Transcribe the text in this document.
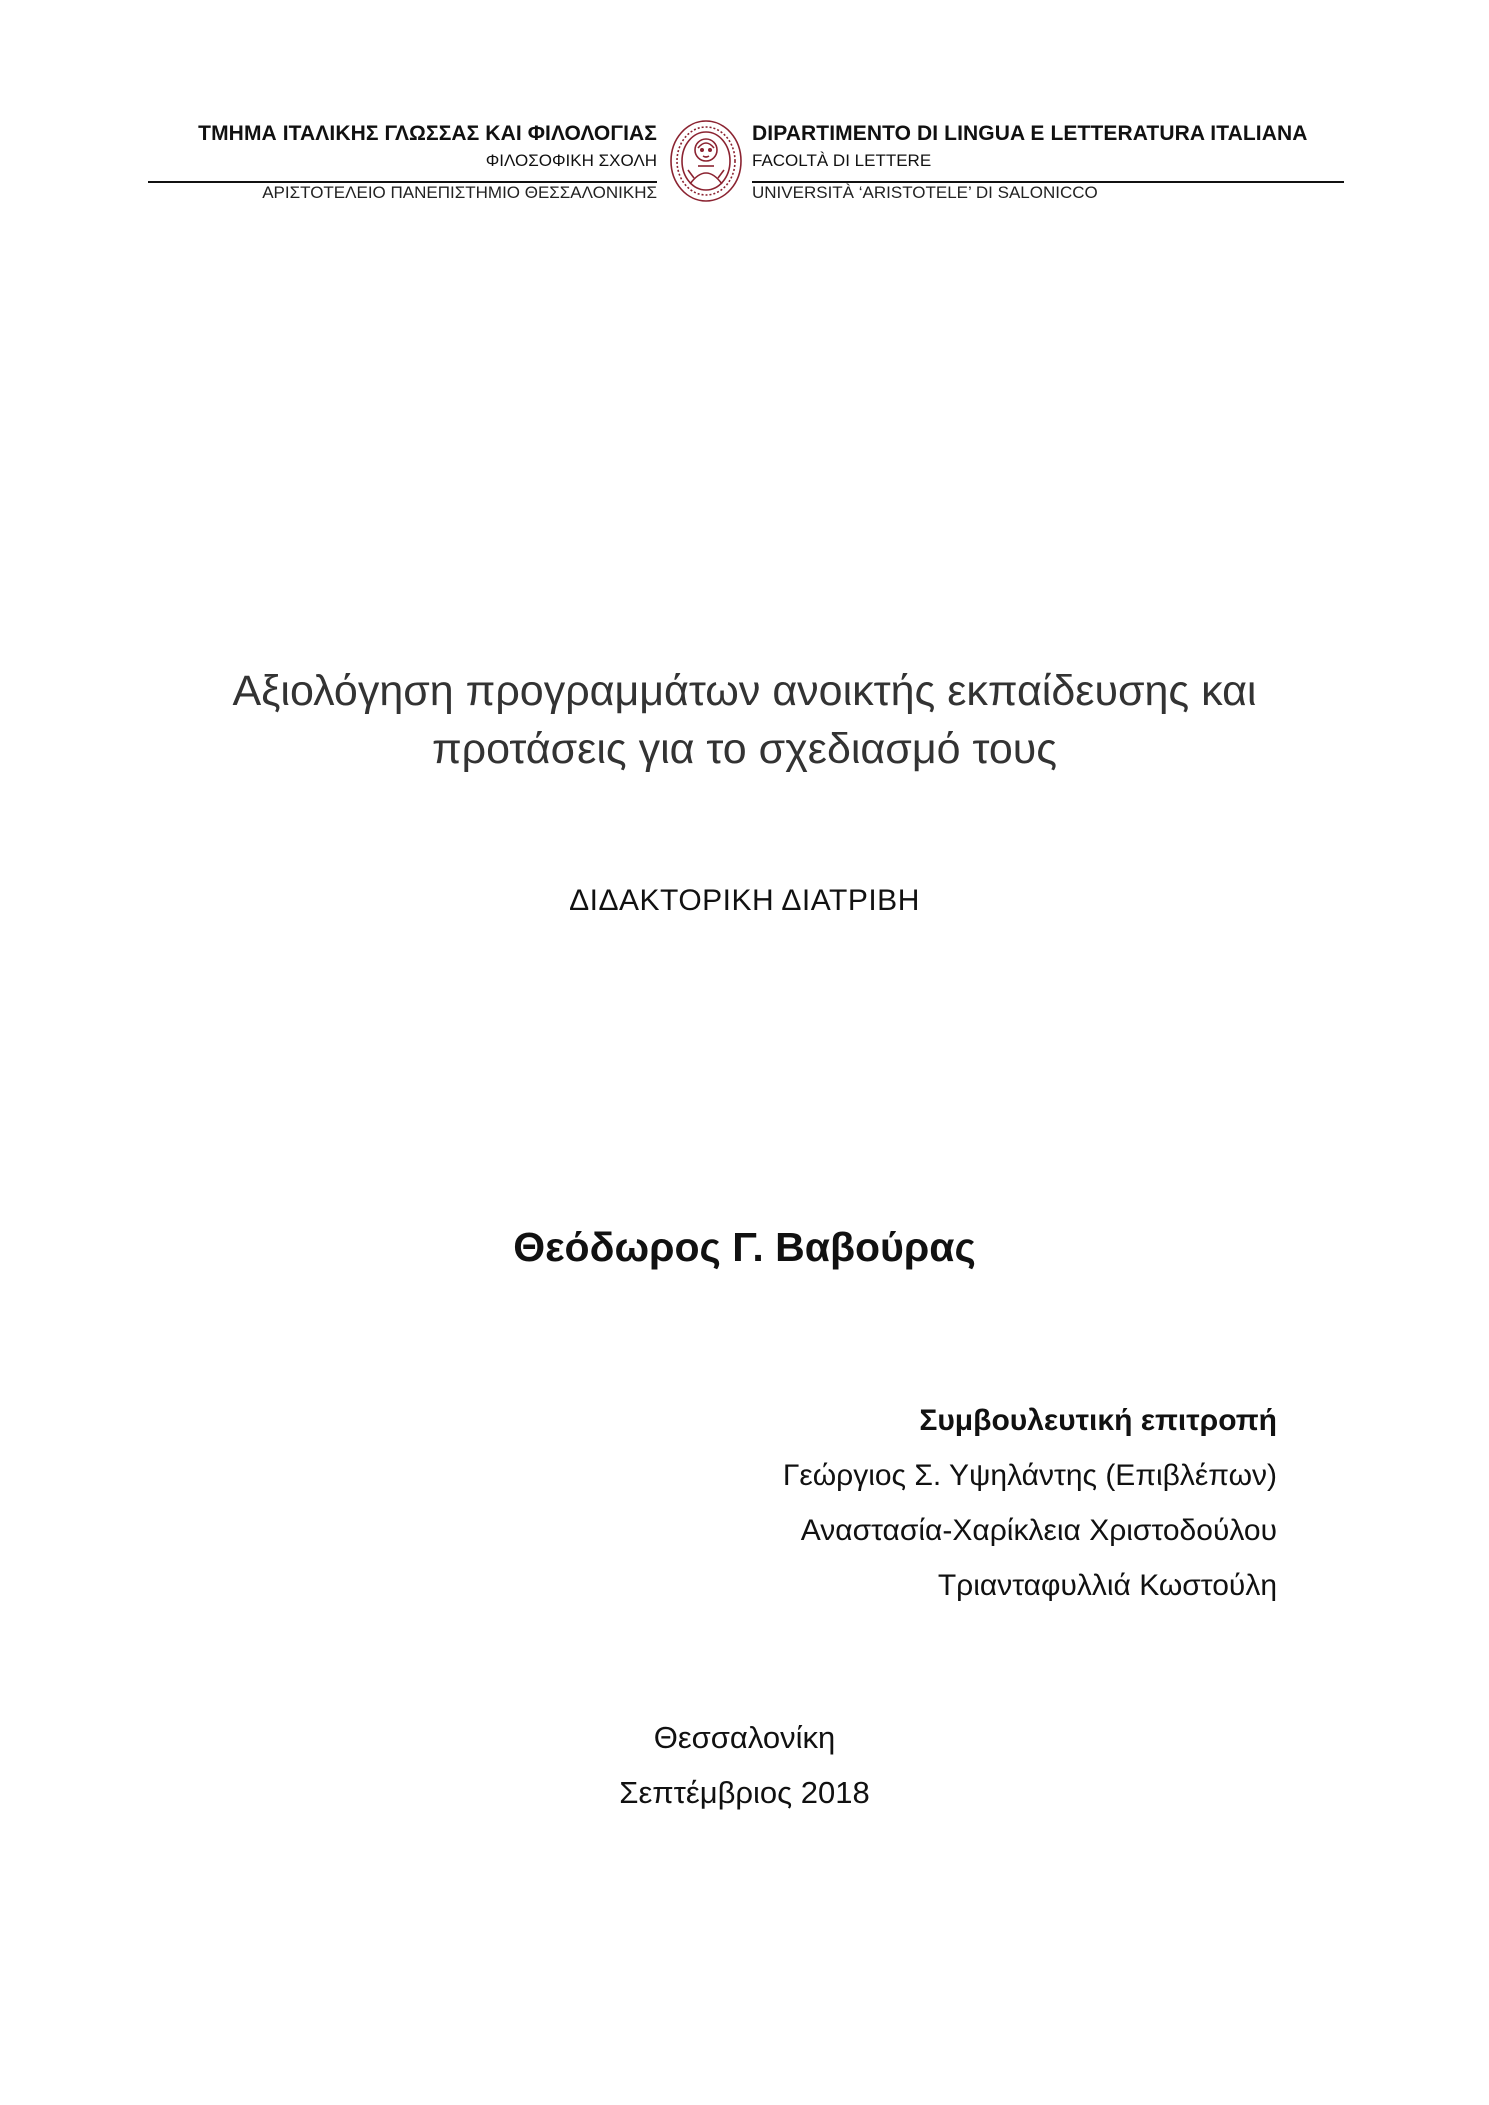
ΤΜΗΜΑ ΙΤΑΛΙΚΗΣ ΓΛΩΣΣΑΣ ΚΑΙ ΦΙΛΟΛΟΓΙΑΣ
ΦΙΛΟΣΟΦΙΚΗ ΣΧΟΛΗ
ΑΡΙΣΤΟΤΕΛΕΙΟ ΠΑΝΕΠΙΣΤΗΜΙΟ ΘΕΣΣΑΛΟΝΙΚΗΣ
DIPARTIMENTO DI LINGUA E LETTERATURA ITALIANA
FACOLTÀ DI LETTERE
UNIVERSITÀ ‘ARISTOTELE’ DI SALONICCO
Αξιολόγηση προγραμμάτων ανοικτής εκπαίδευσης και
προτάσεις για το σχεδιασμό τους
ΔΙΔΑΚΤΟΡΙΚΗ ΔΙΑΤΡΙΒΗ
Θεόδωρος Γ. Βαβούρας
Συμβουλευτική επιτροπή
Γεώργιος Σ. Υψηλάντης (Επιβλέπων)
Αναστασία-Χαρίκλεια Χριστοδούλου
Τριανταφυλλιά Κωστούλη
Θεσσαλονίκη
Σεπτέμβριος 2018
